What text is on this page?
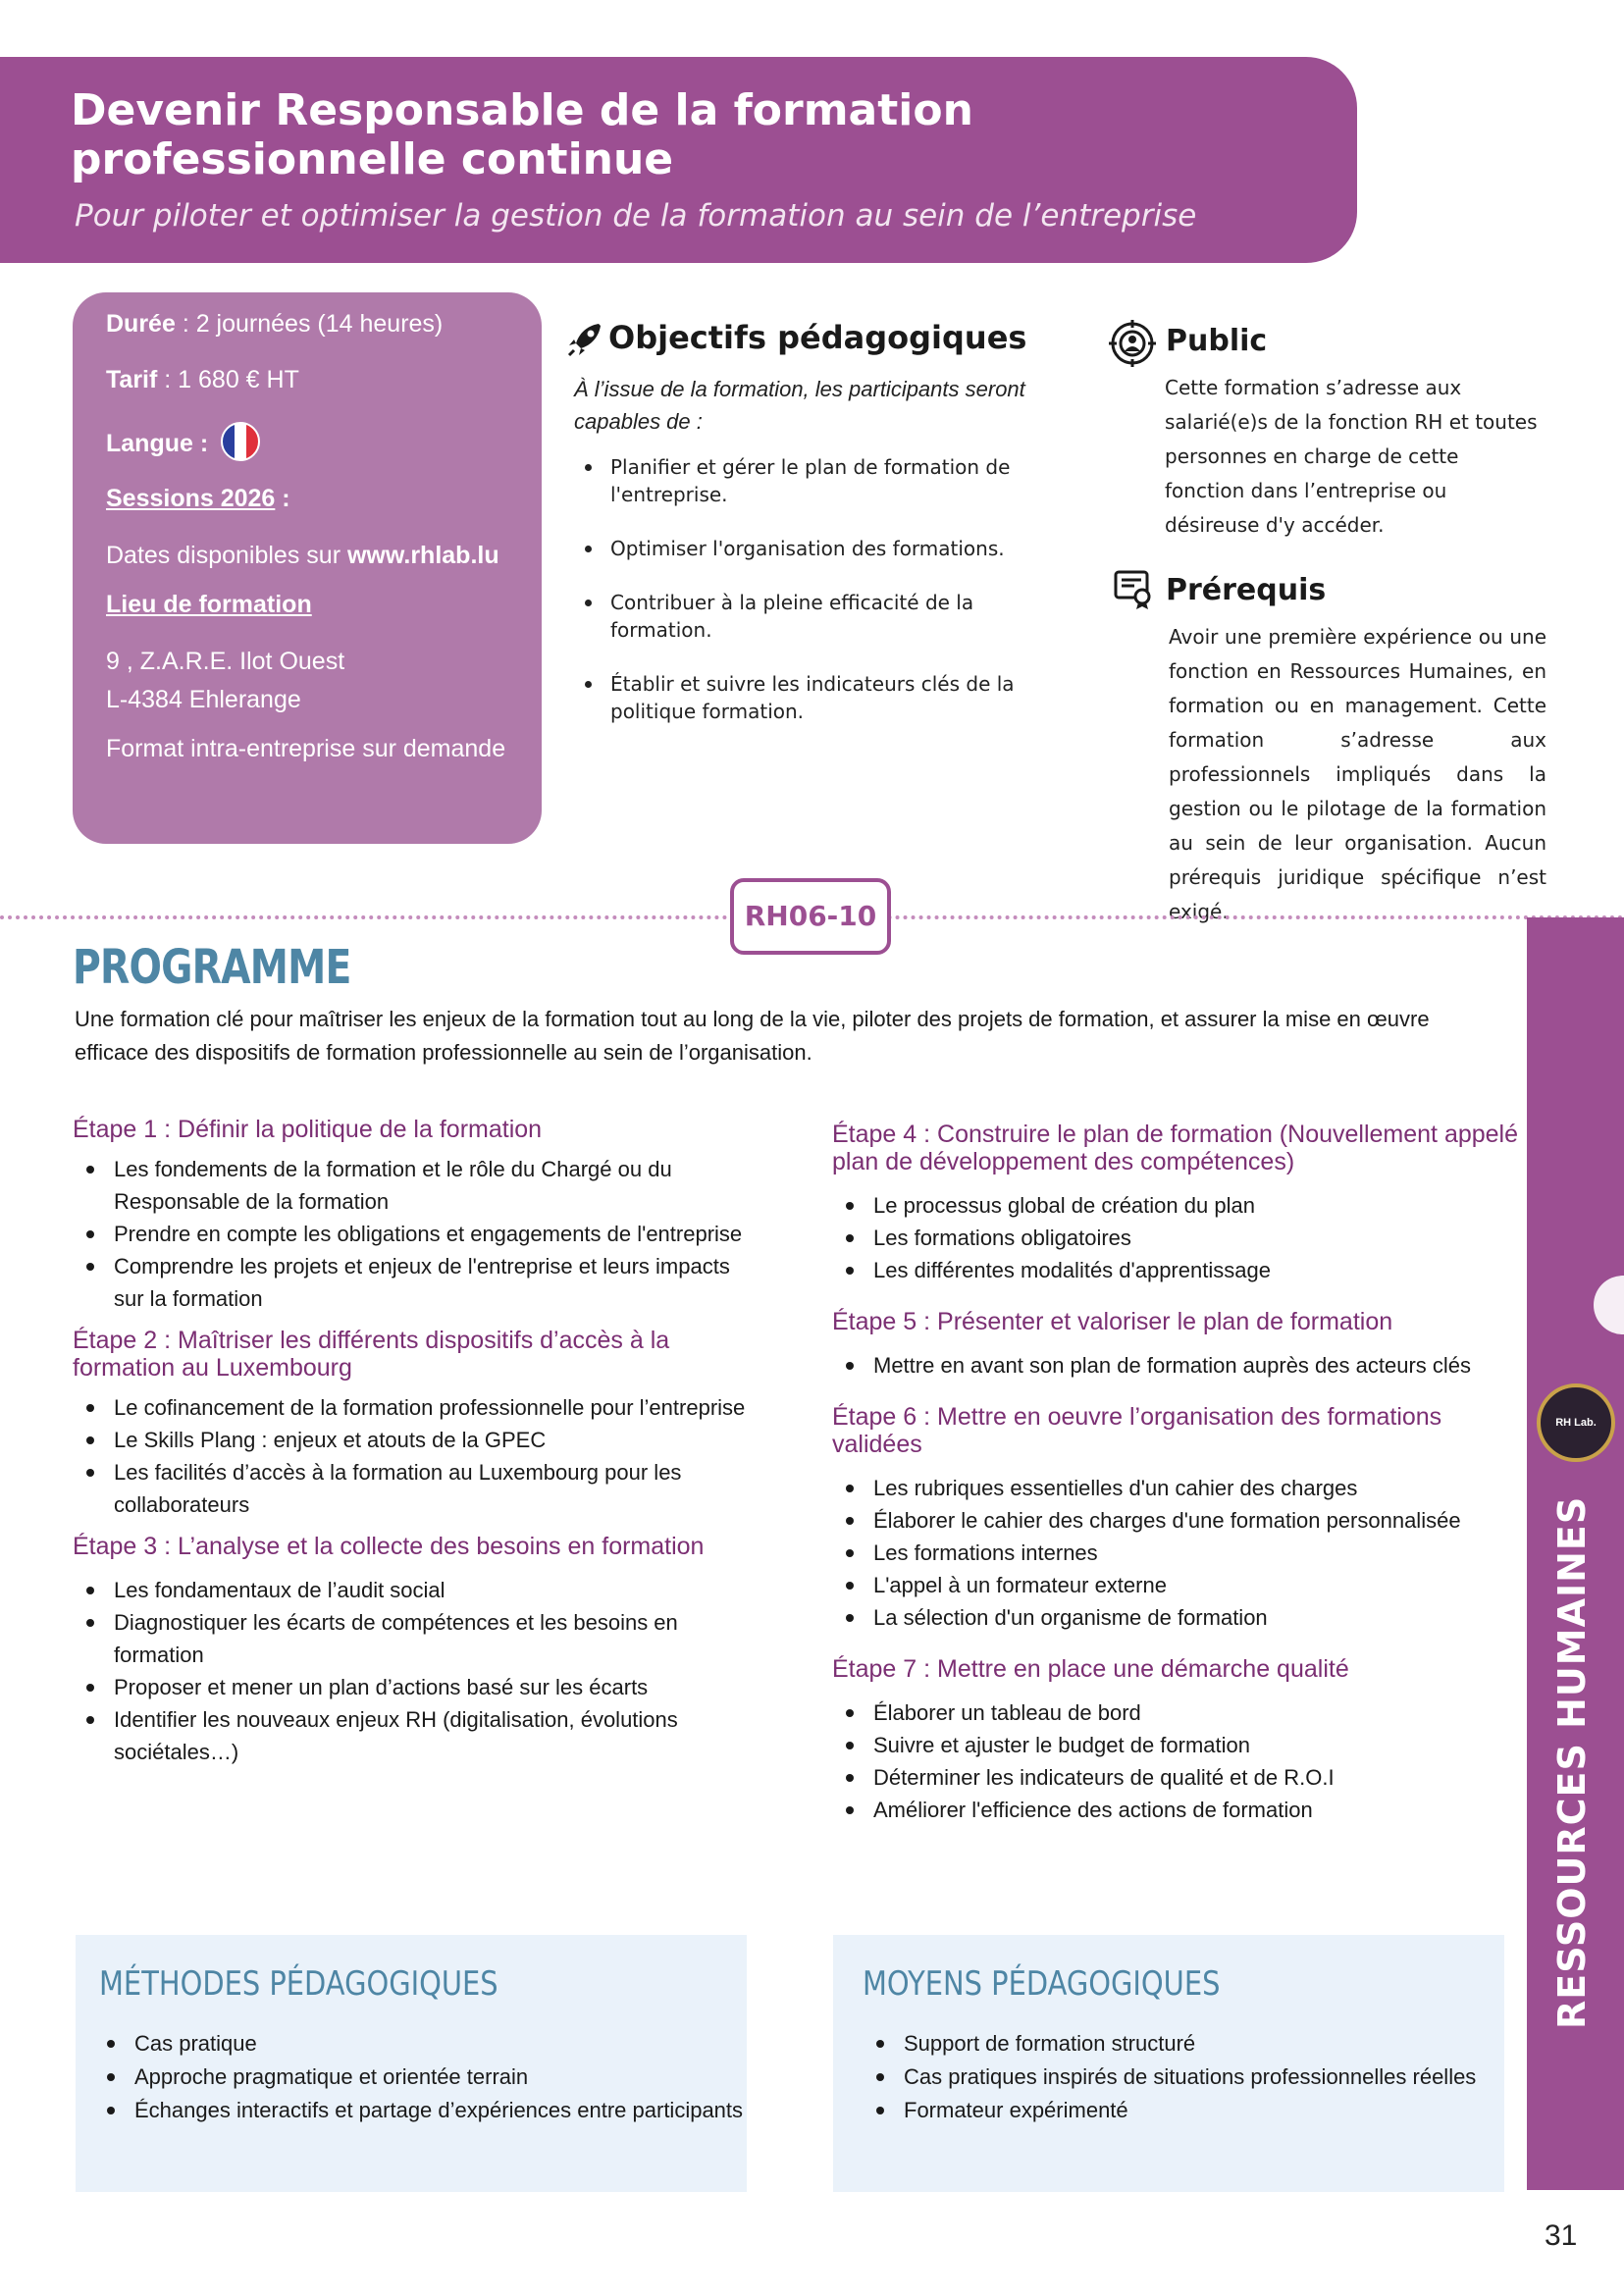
Devenir Responsable de la formation professionnelle continue
Pour piloter et optimiser la gestion de la formation au sein de l’entreprise
Durée : 2 journées (14 heures)
Tarif : 1 680 € HT
Langue :
Sessions 2026 :
Dates disponibles sur www.rhlab.lu
Lieu de formation
9 , Z.A.R.E. Ilot Ouest
L-4384 Ehlerange
Format intra-entreprise sur demande
Objectifs pédagogiques
À l’issue de la formation, les participants seront capables de :
Planifier et gérer le plan de formation de l'entreprise.
Optimiser l'organisation des formations.
Contribuer à la pleine efficacité de la formation.
Établir et suivre les indicateurs clés de la politique formation.
Public
Cette formation s’adresse aux salarié(e)s de la fonction RH et toutes personnes en charge de cette fonction dans l’entreprise ou désireuse d'y accéder.
Prérequis
Avoir une première expérience ou une fonction en Ressources Humaines, en formation ou en management. Cette formation s’adresse aux professionnels impliqués dans la gestion ou le pilotage de la formation au sein de leur organisation. Aucun prérequis juridique spécifique n’est exigé.
RH06-10
RH Lab.
RESSOURCES HUMAINES
PROGRAMME
Une formation clé pour maîtriser les enjeux de la formation tout au long de la vie, piloter des projets de formation, et assurer la mise en œuvre efficace des dispositifs de formation professionnelle au sein de l’organisation.
Étape 1 : Définir la politique de la formation
Les fondements de la formation et le rôle du Chargé ou du Responsable de la formation
Prendre en compte les obligations et engagements de l'entreprise
Comprendre les projets et enjeux de l'entreprise et leurs impacts sur la formation
Étape 2 : Maîtriser les différents dispositifs d’accès à la formation au Luxembourg
Le cofinancement de la formation professionnelle pour l’entreprise
Le Skills Plang : enjeux et atouts de la GPEC
Les facilités d’accès à la formation au Luxembourg pour les collaborateurs
Étape 3 : L’analyse et la collecte des besoins en formation
Les fondamentaux de l’audit social
Diagnostiquer les écarts de compétences et les besoins en formation
Proposer et mener un plan d’actions basé sur les écarts
Identifier les nouveaux enjeux RH (digitalisation, évolutions sociétales…)
Étape 4 : Construire le plan de formation (Nouvellement appelé plan de développement des compétences)
Le processus global de création du plan
Les formations obligatoires
Les différentes modalités d'apprentissage
Étape 5 : Présenter et valoriser le plan de formation
Mettre en avant son plan de formation auprès des acteurs clés
Étape 6 : Mettre en oeuvre l’organisation des formations validées
Les rubriques essentielles d'un cahier des charges
Élaborer le cahier des charges d'une formation personnalisée
Les formations internes
L'appel à un formateur externe
La sélection d'un organisme de formation
Étape 7 : Mettre en place une démarche qualité
Élaborer un tableau de bord
Suivre et ajuster le budget de formation
Déterminer les indicateurs de qualité et de R.O.I
Améliorer l'efficience des actions de formation
MÉTHODES PÉDAGOGIQUES
Cas pratique
Approche pragmatique et orientée terrain
Échanges interactifs et partage d’expériences entre participants
MOYENS PÉDAGOGIQUES
Support de formation structuré
Cas pratiques inspirés de situations professionnelles réelles
Formateur expérimenté
31
